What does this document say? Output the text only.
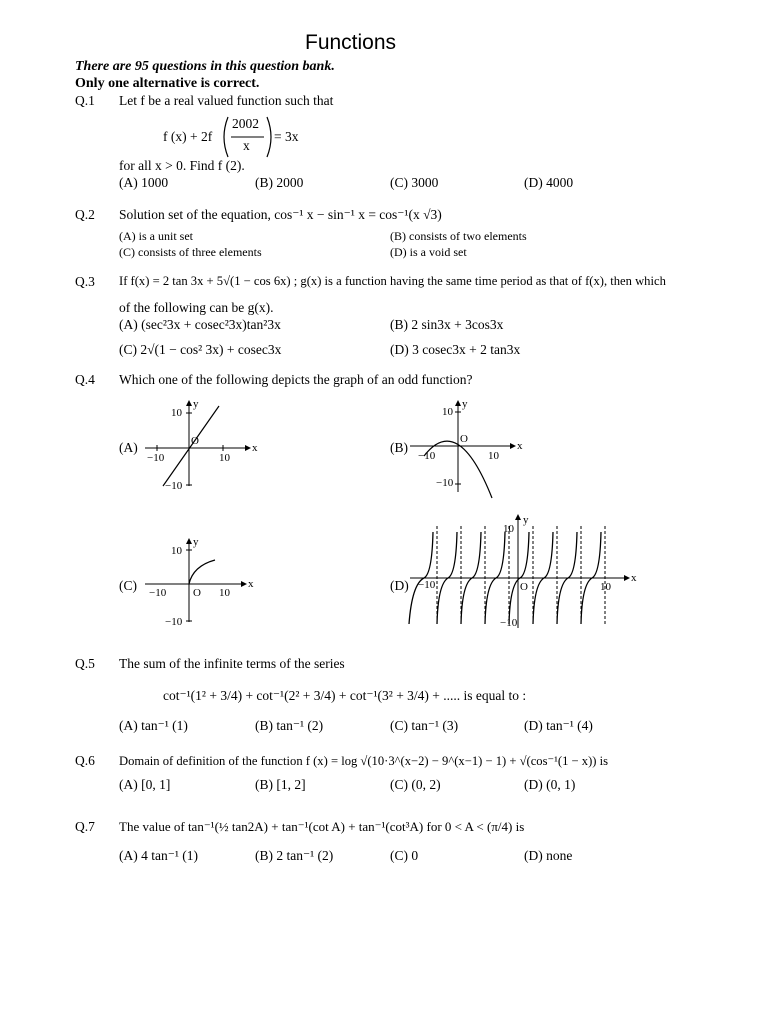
Functions
There are 95 questions in this question bank.
Only one alternative is correct.
Q.1 Let f be a real valued function such that
f (x) + 2f
2002
x
= 3x
for all x > 0. Find f (2).
(A) 1000	(B) 2000	(C) 3000	(D) 4000
Q.2 Solution set of the equation, cos⁻¹ x − sin⁻¹ x = cos⁻¹(x √3)
(A) is a unit set	(B) consists of two elements
(C) consists of three elements	(D) is a void set
Q.3 If f(x) = 2 tan 3x + 5√(1 − cos 6x) ; g(x) is a function having the same time period as that of f(x), then which
of the following can be g(x).
(A) (sec²3x + cosec²3x)tan²3x	(B) 2 sin3x + 3cos3x
(C) 2√(1 − cos² 3x) + cosec3x	(D) 3 cosec3x + 2 tan3x
Q.4 Which one of the following depicts the graph of an odd function?
(A)
10
y
O
x
−10	10
−10
(B)
10
y
O
x
−10	10
−10
(C)
10
y
O
x
−10	10
−10
(D)
10
y
O
x
−10	10
−10
Q.5 The sum of the infinite terms of the series
cot⁻¹(1² + 3/4) + cot⁻¹(2² + 3/4) + cot⁻¹(3² + 3/4) + ..... is equal to :
(A) tan⁻¹ (1)	(B) tan⁻¹ (2)	(C) tan⁻¹ (3)	(D) tan⁻¹ (4)
Q.6 Domain of definition of the function f (x) = log √(10·3^(x−2) − 9^(x−1) − 1) + √(cos⁻¹(1 − x)) is
(A) [0, 1]	(B) [1, 2]	(C) (0, 2)	(D) (0, 1)
Q.7 The value of tan⁻¹(½ tan2A) + tan⁻¹(cot A) + tan⁻¹(cot³A) for 0 < A < (π/4) is
(A) 4 tan⁻¹ (1)	(B) 2 tan⁻¹ (2)	(C) 0	(D) none
